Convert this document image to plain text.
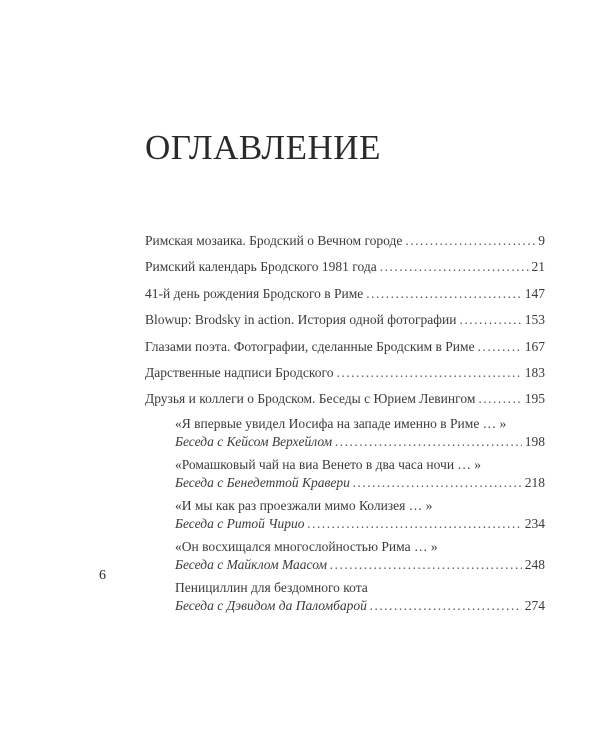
ОГЛАВЛЕНИЕ
Римская мозаика. Бродский о Вечном городе .....	9
Римский календарь Бродского 1981 года .....	21
41-й день рождения Бродского в Риме .....	147
Blowup: Brodsky in action. История одной фотографии .....	153
Глазами поэта. Фотографии, сделанные Бродским в Риме .....	167
Дарственные надписи Бродского .....	183
Друзья и коллеги о Бродском. Беседы с Юрием Левингом .....	195
«Я впервые увидел Иосифа на западе именно в Риме … »
Беседа с Кейсом Верхейлом .....	198
«Ромашковый чай на виа Венето в два часа ночи … »
Беседа с Бенедеттой Кравери .....	218
«И мы как раз проезжали мимо Колизея … »
Беседа с Ритой Чирио .....	234
«Он восхищался многослойностью Рима … »
Беседа с Майклом Маасом .....	248
Пенициллин для бездомного кота
Беседа с Дэвидом да Паломбарой .....	274
6
